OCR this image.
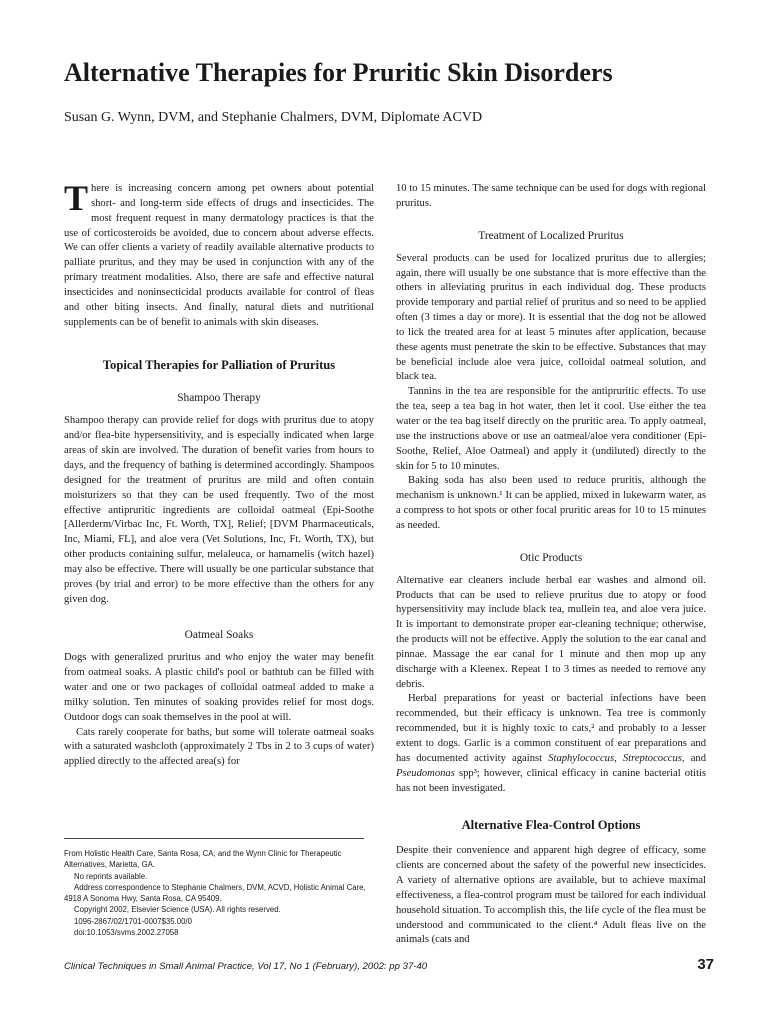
Alternative Therapies for Pruritic Skin Disorders

Susan G. Wynn, DVM, and Stephanie Chalmers, DVM, Diplomate ACVD

There is increasing concern among pet owners about potential short- and long-term side effects of drugs and insecticides. The most frequent request in many dermatology practices is that the use of corticosteroids be avoided, due to concern about adverse effects. We can offer clients a variety of readily available alternative products to palliate pruritus, and they may be used in conjunction with any of the primary treatment modalities. Also, there are safe and effective natural insecticides and noninsecticidal products available for control of fleas and other biting insects. And finally, natural diets and nutritional supplements can be of benefit to animals with skin diseases.

Topical Therapies for Palliation of Pruritus
Shampoo Therapy

Shampoo therapy can provide relief for dogs with pruritus due to atopy and/or flea-bite hypersensitivity, and is especially indicated when large areas of skin are involved. The duration of benefit varies from hours to days, and the frequency of bathing is determined accordingly. Shampoos designed for the treatment of pruritus are mild and often contain moisturizers so that they can be used frequently. Two of the most effective antipruritic ingredients are colloidal oatmeal (Epi-Soothe [Allerderm/Virbac Inc, Ft. Worth, TX], Relief; [DVM Pharmaceuticals, Inc, Miami, FL], and aloe vera (Vet Solutions, Inc, Ft. Worth, TX), but other products containing sulfur, melaleuca, or hamamelis (witch hazel) may also be effective. There will usually be one particular substance that proves (by trial and error) to be more effective than the others for any given dog.

Oatmeal Soaks

Dogs with generalized pruritus and who enjoy the water may benefit from oatmeal soaks. A plastic child's pool or bathtub can be filled with water and one or two packages of colloidal oatmeal added to make a milky solution. Ten minutes of soaking provides relief for most dogs. Outdoor dogs can soak themselves in the pool at will.

Cats rarely cooperate for baths, but some will tolerate oatmeal soaks with a saturated washcloth (approximately 2 Tbs in 2 to 3 cups of water) applied directly to the affected area(s) for

10 to 15 minutes. The same technique can be used for dogs with regional pruritus.

Treatment of Localized Pruritus

Several products can be used for localized pruritus due to allergies; again, there will usually be one substance that is more effective than the others in alleviating pruritus in each individual dog. These products provide temporary and partial relief of pruritus and so need to be applied often (3 times a day or more). It is essential that the dog not be allowed to lick the treated area for at least 5 minutes after application, because these agents must penetrate the skin to be effective. Substances that may be beneficial include aloe vera juice, colloidal oatmeal solution, and black tea.

Tannins in the tea are responsible for the antipruritic effects. To use the tea, seep a tea bag in hot water, then let it cool. Use either the tea water or the tea bag itself directly on the pruritic area. To apply oatmeal, use the instructions above or use an oatmeal/aloe vera conditioner (Epi-Soothe, Relief, Aloe Oatmeal) and apply it (undiluted) directly to the skin for 5 to 10 minutes.

Baking soda has also been used to reduce pruritis, although the mechanism is unknown.¹ It can be applied, mixed in lukewarm water, as a compress to hot spots or other focal pruritic areas for 10 to 15 minutes as needed.

Otic Products

Alternative ear cleaners include herbal ear washes and almond oil. Products that can be used to relieve pruritus due to atopy or food hypersensitivity may include black tea, mullein tea, and aloe vera juice. It is important to demonstrate proper ear-cleaning technique; otherwise, the products will not be effective. Apply the solution to the ear canal and pinnae. Massage the ear canal for 1 minute and then mop up any discharge with a Kleenex. Repeat 1 to 3 times as needed to remove any debris.

Herbal preparations for yeast or bacterial infections have been recommended, but their efficacy is unknown. Tea tree is commonly recommended, but it is highly toxic to cats,² and probably to a lesser extent to dogs. Garlic is a common constituent of ear preparations and has documented activity against Staphylococcus, Streptococcus, and Pseudomonas spp³; however, clinical efficacy in canine bacterial otitis has not been investigated.

Alternative Flea-Control Options

Despite their convenience and apparent high degree of efficacy, some clients are concerned about the safety of the powerful new insecticides. A variety of alternative options are available, but to achieve maximal effectiveness, a flea-control program must be tailored for each individual household situation. To accomplish this, the life cycle of the flea must be understood and communicated to the client.⁴ Adult fleas live on the animals (cats and

From Holistic Health Care, Santa Rosa, CA; and the Wynn Clinic for Therapeutic Alternatives, Marietta, GA.

No reprints available.

Address correspondence to Stephanie Chalmers, DVM, ACVD, Holistic Animal Care, 4918 A Sonoma Hwy, Santa Rosa, CA 95409.

Copyright 2002, Elsevier Science (USA). All rights reserved.

1096-2867/02/1701-0007$35.00/0

doi:10.1053/svms.2002.27058

Clinical Techniques in Small Animal Practice, Vol 17, No 1 (February), 2002: pp 37-40	37
